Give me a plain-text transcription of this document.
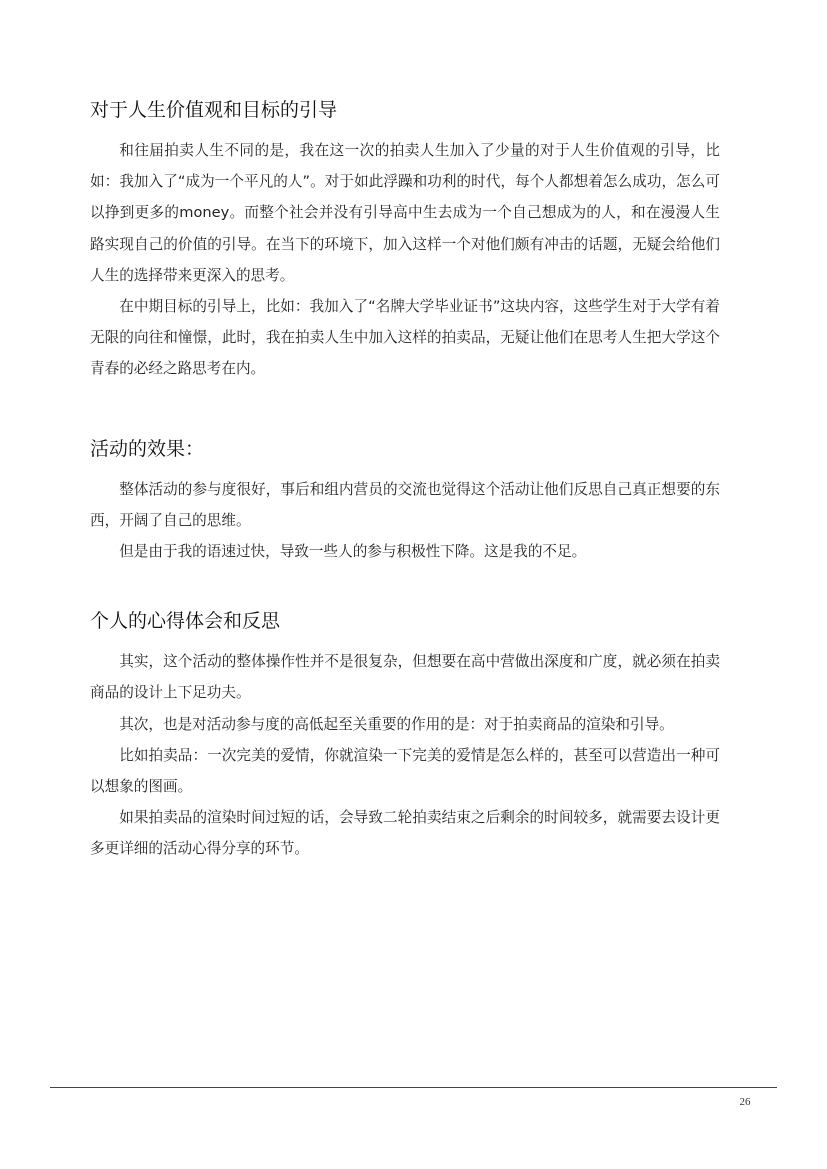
对于人生价值观和目标的引导

和往届拍卖人生不同的是，我在这一次的拍卖人生加入了少量的对于人生价值观的引导，比如：我加入了“成为一个平凡的人”。对于如此浮躁和功利的时代，每个人都想着怎么成功，怎么可以挣到更多的money。而整个社会并没有引导高中生去成为一个自己想成为的人，和在漫漫人生路实现自己的价值的引导。在当下的环境下，加入这样一个对他们颇有冲击的话题，无疑会给他们人生的选择带来更深入的思考。

在中期目标的引导上，比如：我加入了“名牌大学毕业证书”这块内容，这些学生对于大学有着无限的向往和憧憬，此时，我在拍卖人生中加入这样的拍卖品，无疑让他们在思考人生把大学这个青春的必经之路思考在内。

活动的效果：

整体活动的参与度很好，事后和组内营员的交流也觉得这个活动让他们反思自己真正想要的东西，开阔了自己的思维。

但是由于我的语速过快，导致一些人的参与积极性下降。这是我的不足。

个人的心得体会和反思

其实，这个活动的整体操作性并不是很复杂，但想要在高中营做出深度和广度，就必须在拍卖商品的设计上下足功夫。

其次，也是对活动参与度的高低起至关重要的作用的是：对于拍卖商品的渲染和引导。

比如拍卖品：一次完美的爱情，你就渲染一下完美的爱情是怎么样的，甚至可以营造出一种可以想象的图画。

如果拍卖品的渲染时间过短的话，会导致二轮拍卖结束之后剩余的时间较多，就需要去设计更多更详细的活动心得分享的环节。

26
